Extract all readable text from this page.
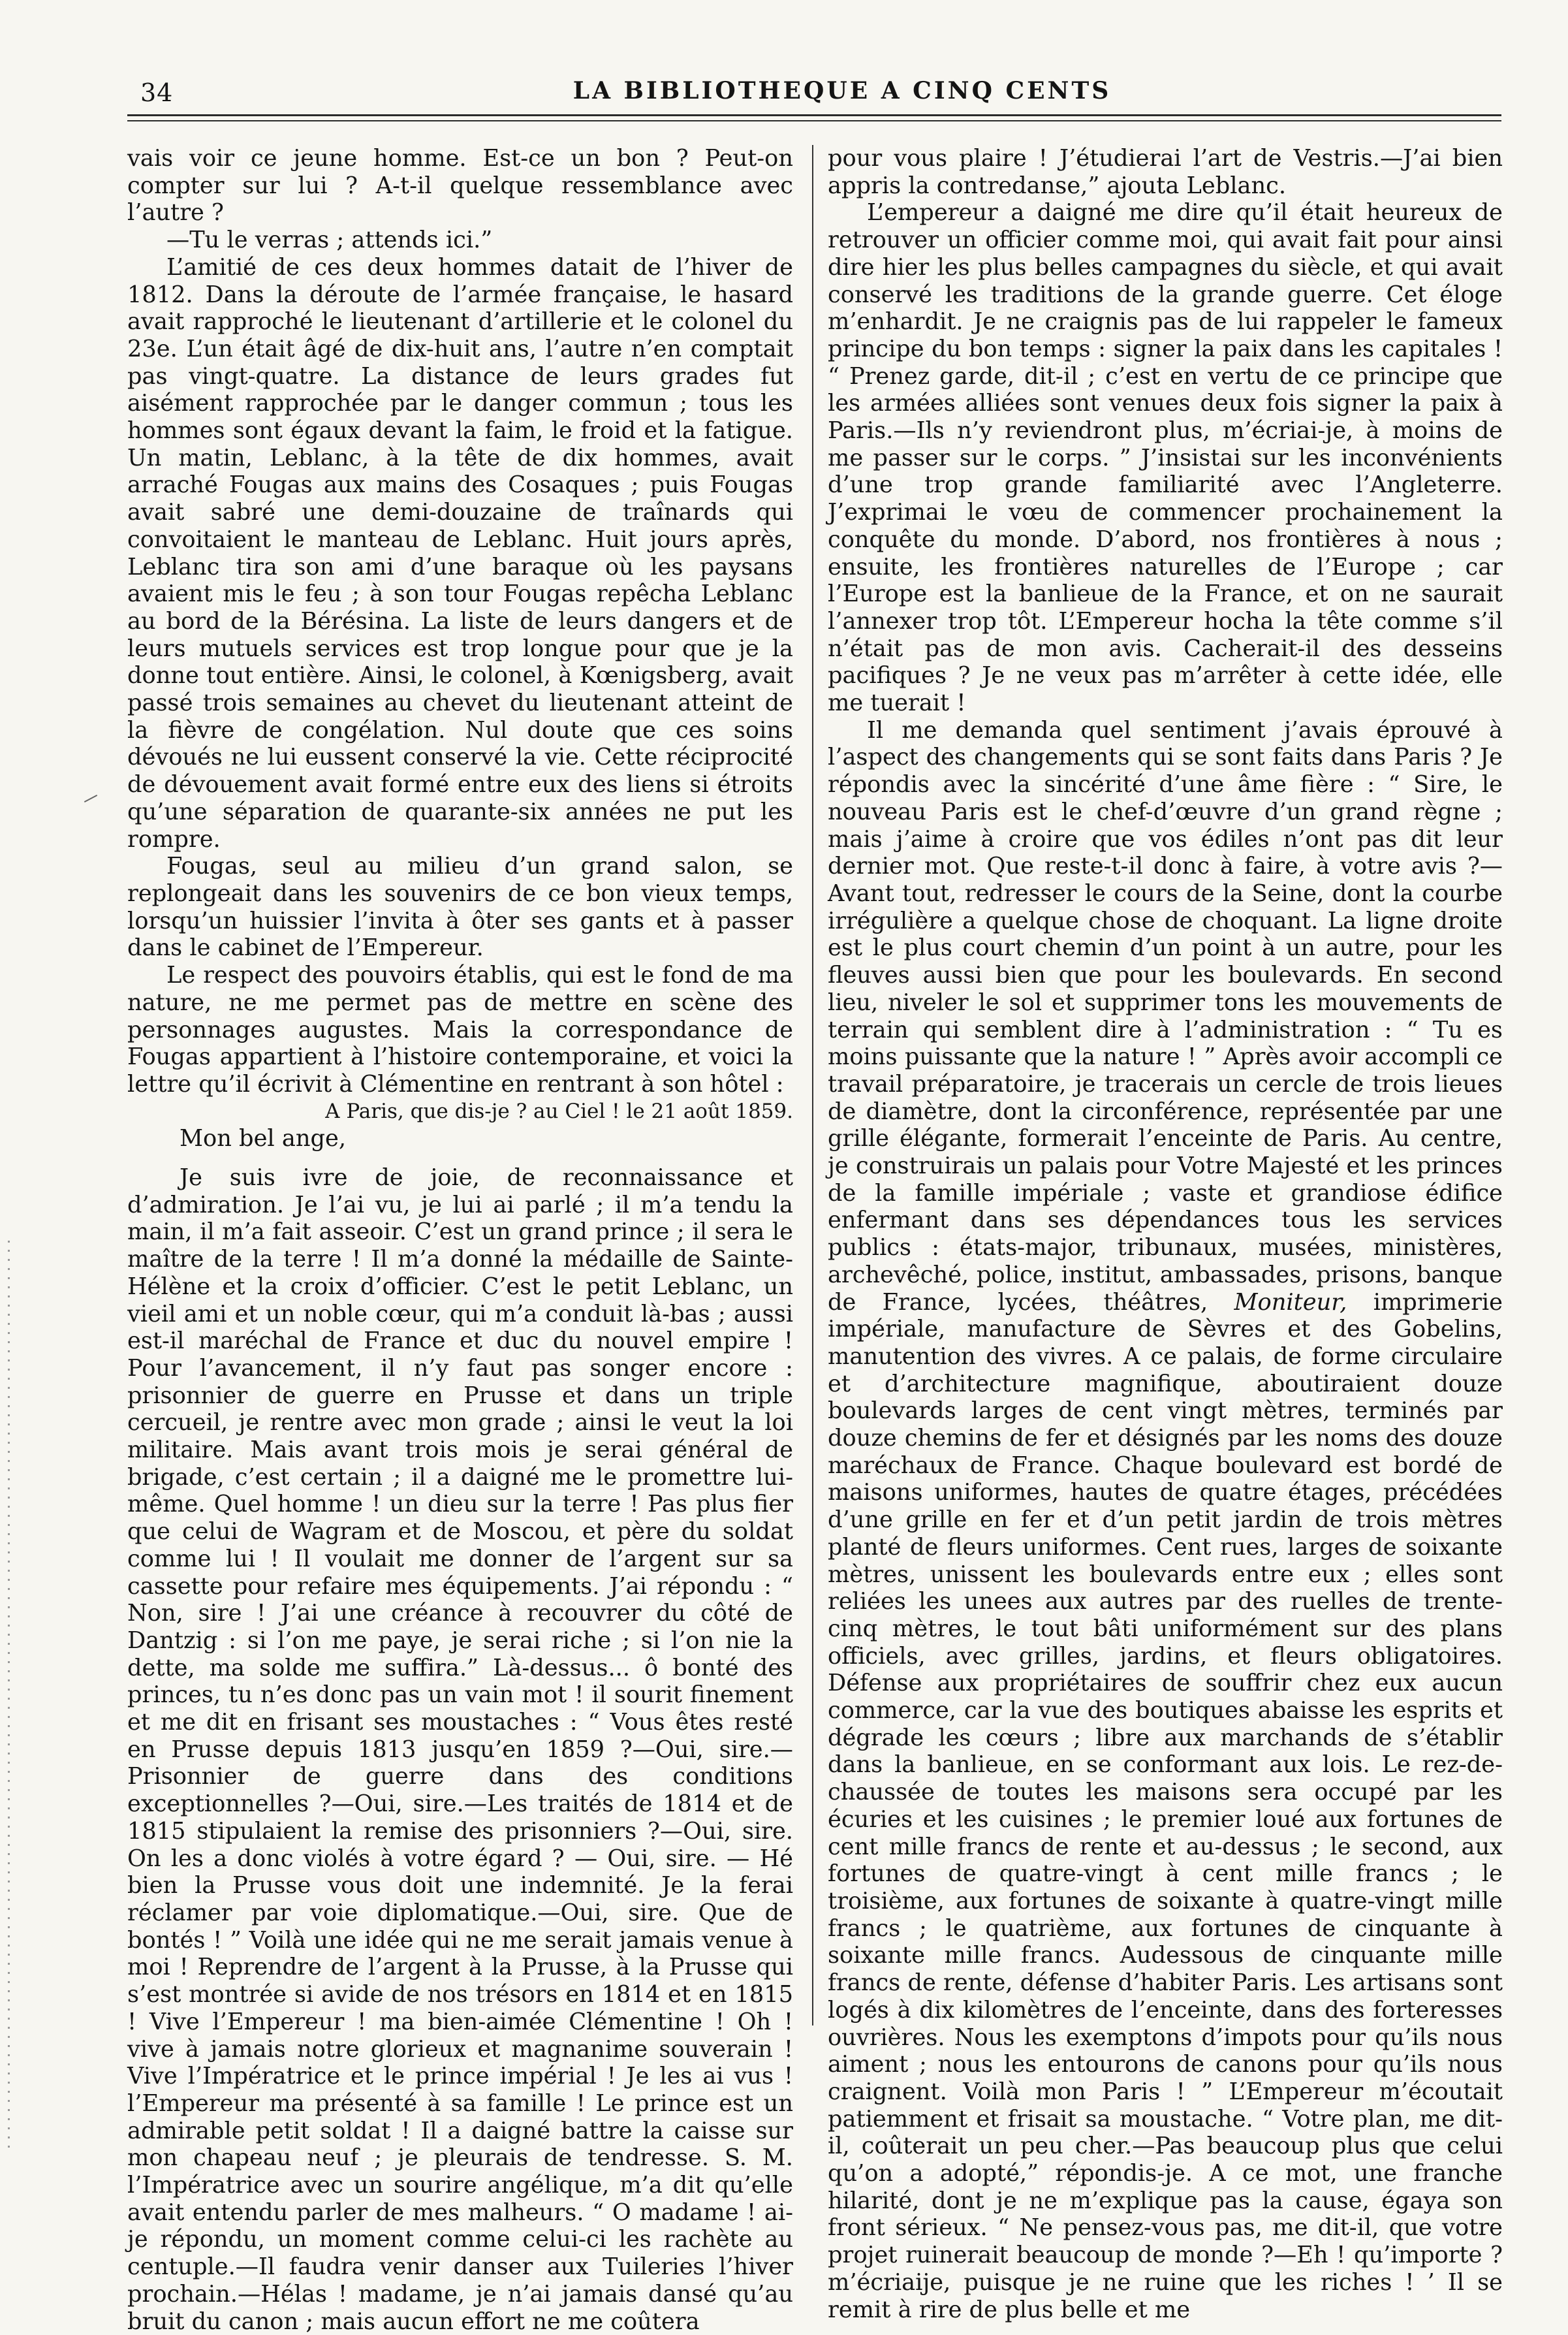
34	LA BIBLIOTHEQUE A CINQ CENTS

vais voir ce jeune homme. Est-ce un bon ? Peut-on compter sur lui ? A-t-il quelque ressemblance avec l’autre ?

—Tu le verras ; attends ici.”

L’amitié de ces deux hommes datait de l’hiver de 1812. Dans la déroute de l’armée française, le hasard avait rapproché le lieutenant d’artillerie et le colonel du 23e. L’un était âgé de dix-huit ans, l’autre n’en comptait pas vingt-quatre. La distance de leurs grades fut aisément rapprochée par le danger commun ; tous les hommes sont égaux devant la faim, le froid et la fatigue. Un matin, Leblanc, à la tête de dix hommes, avait arraché Fougas aux mains des Cosaques ; puis Fougas avait sabré une demi-douzaine de traînards qui convoitaient le manteau de Leblanc. Huit jours après, Leblanc tira son ami d’une baraque où les paysans avaient mis le feu ; à son tour Fougas repêcha Leblanc au bord de la Bérésina. La liste de leurs dangers et de leurs mutuels services est trop longue pour que je la donne tout entière. Ainsi, le colonel, à Kœnigsberg, avait passé trois semaines au chevet du lieutenant atteint de la fièvre de congélation. Nul doute que ces soins dévoués ne lui eussent conservé la vie. Cette réciprocité de dévouement avait formé entre eux des liens si étroits qu’une séparation de quarante-six années ne put les rompre.

Fougas, seul au milieu d’un grand salon, se replongeait dans les souvenirs de ce bon vieux temps, lorsqu’un huissier l’invita à ôter ses gants et à passer dans le cabinet de l’Empereur.

Le respect des pouvoirs établis, qui est le fond de ma nature, ne me permet pas de mettre en scène des personnages augustes. Mais la correspondance de Fougas appartient à l’histoire contemporaine, et voici la lettre qu’il écrivit à Clémentine en rentrant à son hôtel :

A Paris, que dis-je ? au Ciel ! le 21 août 1859.

Mon bel ange,

Je suis ivre de joie, de reconnaissance et d’admiration. Je l’ai vu, je lui ai parlé ; il m’a tendu la main, il m’a fait asseoir. C’est un grand prince ; il sera le maître de la terre ! Il m’a donné la médaille de Sainte-Hélène et la croix d’officier. C’est le petit Leblanc, un vieil ami et un noble cœur, qui m’a conduit là-bas ; aussi est-il maréchal de France et duc du nouvel empire ! Pour l’avancement, il n’y faut pas songer encore : prisonnier de guerre en Prusse et dans un triple cercueil, je rentre avec mon grade ; ainsi le veut la loi militaire. Mais avant trois mois je serai général de brigade, c’est certain ; il a daigné me le promettre lui-même. Quel homme ! un dieu sur la terre ! Pas plus fier que celui de Wagram et de Moscou, et père du soldat comme lui ! Il voulait me donner de l’argent sur sa cassette pour refaire mes équipements. J’ai répondu : “ Non, sire ! J’ai une créance à recouvrer du côté de Dantzig : si l’on me paye, je serai riche ; si l’on nie la dette, ma solde me suffira.” Là-dessus... ô bonté des princes, tu n’es donc pas un vain mot ! il sourit finement et me dit en frisant ses moustaches : “ Vous êtes resté en Prusse depuis 1813 jusqu’en 1859 ?—Oui, sire.—Prisonnier de guerre dans des conditions exceptionnelles ?—Oui, sire.—Les traités de 1814 et de 1815 stipulaient la remise des prisonniers ?—Oui, sire. On les a donc violés à votre égard ? — Oui, sire. — Hé bien la Prusse vous doit une indemnité. Je la ferai réclamer par voie diplomatique.—Oui, sire. Que de bontés ! ” Voilà une idée qui ne me serait jamais venue à moi ! Reprendre de l’argent à la Prusse, à la Prusse qui s’est montrée si avide de nos trésors en 1814 et en 1815 ! Vive l’Empereur ! ma bien-aimée Clémentine ! Oh ! vive à jamais notre glorieux et magnanime souverain ! Vive l’Impératrice et le prince impérial ! Je les ai vus ! l’Empereur ma présenté à sa famille ! Le prince est un admirable petit soldat ! Il a daigné battre la caisse sur mon chapeau neuf ; je pleurais de tendresse. S. M. l’Impératrice avec un sourire angélique, m’a dit qu’elle avait entendu parler de mes malheurs. “ O madame ! ai-je répondu, un moment comme celui-ci les rachète au centuple.—Il faudra venir danser aux Tuileries l’hiver prochain.—Hélas ! madame, je n’ai jamais dansé qu’au bruit du canon ; mais aucun effort ne me coûtera

pour vous plaire ! J’étudierai l’art de Vestris.—J’ai bien appris la contredanse,” ajouta Leblanc.

L’empereur a daigné me dire qu’il était heureux de retrouver un officier comme moi, qui avait fait pour ainsi dire hier les plus belles campagnes du siècle, et qui avait conservé les traditions de la grande guerre. Cet éloge m’enhardit. Je ne craignis pas de lui rappeler le fameux principe du bon temps : signer la paix dans les capitales ! “ Prenez garde, dit-il ; c’est en vertu de ce principe que les armées alliées sont venues deux fois signer la paix à Paris.—Ils n’y reviendront plus, m’écriai-je, à moins de me passer sur le corps. ” J’insistai sur les inconvénients d’une trop grande familiarité avec l’Angleterre. J’exprimai le vœu de commencer prochainement la conquête du monde. D’abord, nos frontières à nous ; ensuite, les frontières naturelles de l’Europe ; car l’Europe est la banlieue de la France, et on ne saurait l’annexer trop tôt. L’Empereur hocha la tête comme s’il n’était pas de mon avis. Cacherait-il des desseins pacifiques ? Je ne veux pas m’arrêter à cette idée, elle me tuerait !

Il me demanda quel sentiment j’avais éprouvé à l’aspect des changements qui se sont faits dans Paris ? Je répondis avec la sincérité d’une âme fière : “ Sire, le nouveau Paris est le chef-d’œuvre d’un grand règne ; mais j’aime à croire que vos édiles n’ont pas dit leur dernier mot. Que reste-t-il donc à faire, à votre avis ?—Avant tout, redresser le cours de la Seine, dont la courbe irrégulière a quelque chose de choquant. La ligne droite est le plus court chemin d’un point à un autre, pour les fleuves aussi bien que pour les boulevards. En second lieu, niveler le sol et supprimer tons les mouvements de terrain qui semblent dire à l’administration : “ Tu es moins puissante que la nature ! ” Après avoir accompli ce travail préparatoire, je tracerais un cercle de trois lieues de diamètre, dont la circonférence, représentée par une grille élégante, formerait l’enceinte de Paris. Au centre, je construirais un palais pour Votre Majesté et les princes de la famille impériale ; vaste et grandiose édifice enfermant dans ses dépendances tous les services publics : états-major, tribunaux, musées, ministères, archevêché, police, institut, ambassades, prisons, banque de France, lycées, théâtres, Moniteur, imprimerie impériale, manufacture de Sèvres et des Gobelins, manutention des vivres. A ce palais, de forme circulaire et d’architecture magnifique, aboutiraient douze boulevards larges de cent vingt mètres, terminés par douze chemins de fer et désignés par les noms des douze maréchaux de France. Chaque boulevard est bordé de maisons uniformes, hautes de quatre étages, précédées d’une grille en fer et d’un petit jardin de trois mètres planté de fleurs uniformes. Cent rues, larges de soixante mètres, unissent les boulevards entre eux ; elles sont reliées les unees aux autres par des ruelles de trente-cinq mètres, le tout bâti uniformément sur des plans officiels, avec grilles, jardins, et fleurs obligatoires. Défense aux propriétaires de souffrir chez eux aucun commerce, car la vue des boutiques abaisse les esprits et dégrade les cœurs ; libre aux marchands de s’établir dans la banlieue, en se conformant aux lois. Le rez-de-chaussée de toutes les maisons sera occupé par les écuries et les cuisines ; le premier loué aux fortunes de cent mille francs de rente et au-dessus ; le second, aux fortunes de quatre-vingt à cent mille francs ; le troisième, aux fortunes de soixante à quatre-vingt mille francs ; le quatrième, aux fortunes de cinquante à soixante mille francs. Audessous de cinquante mille francs de rente, défense d’habiter Paris. Les artisans sont logés à dix kilomètres de l’enceinte, dans des forteresses ouvrières. Nous les exemptons d’impots pour qu’ils nous aiment ; nous les entourons de canons pour qu’ils nous craignent. Voilà mon Paris ! ” L’Empereur m’écoutait patiemment et frisait sa moustache. “ Votre plan, me dit-il, coûterait un peu cher.—Pas beaucoup plus que celui qu’on a adopté,” répondis-je. A ce mot, une franche hilarité, dont je ne m’explique pas la cause, égaya son front sérieux. “ Ne pensez-vous pas, me dit-il, que votre projet ruinerait beaucoup de monde ?—Eh ! qu’importe ? m’écriaije, puisque je ne ruine que les riches ! ’ Il se remit à rire de plus belle et me
